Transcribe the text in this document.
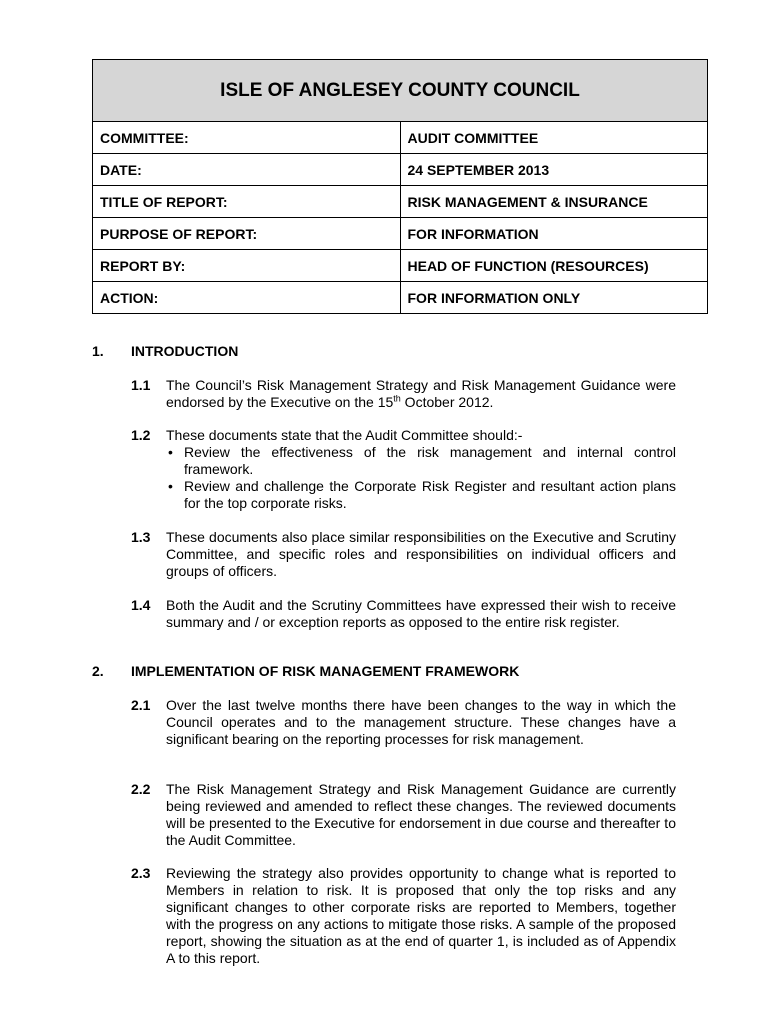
ISLE OF ANGLESEY COUNTY COUNCIL	
COMMITTEE:	AUDIT COMMITTEE
DATE:	24 SEPTEMBER 2013
TITLE OF REPORT:	RISK MANAGEMENT & INSURANCE
PURPOSE OF REPORT:	FOR INFORMATION
REPORT BY:	HEAD OF FUNCTION (RESOURCES)
ACTION:	FOR INFORMATION ONLY
1. INTRODUCTION
1.1 The Council’s Risk Management Strategy and Risk Management Guidance were endorsed by the Executive on the 15th October 2012.

1.2 These documents state that the Audit Committee should:-

• Review the effectiveness of the risk management and internal control framework.
• Review and challenge the Corporate Risk Register and resultant action plans for the top corporate risks.
1.3 These documents also place similar responsibilities on the Executive and Scrutiny Committee, and specific roles and responsibilities on individual officers and groups of officers.

1.4 Both the Audit and the Scrutiny Committees have expressed their wish to receive summary and / or exception reports as opposed to the entire risk register.

2. IMPLEMENTATION OF RISK MANAGEMENT FRAMEWORK
2.1 Over the last twelve months there have been changes to the way in which the Council operates and to the management structure. These changes have a significant bearing on the reporting processes for risk management.

2.2 The Risk Management Strategy and Risk Management Guidance are currently being reviewed and amended to reflect these changes. The reviewed documents will be presented to the Executive for endorsement in due course and thereafter to the Audit Committee.

2.3 Reviewing the strategy also provides opportunity to change what is reported to Members in relation to risk. It is proposed that only the top risks and any significant changes to other corporate risks are reported to Members, together with the progress on any actions to mitigate those risks. A sample of the proposed report, showing the situation as at the end of quarter 1, is included as of Appendix A to this report.
